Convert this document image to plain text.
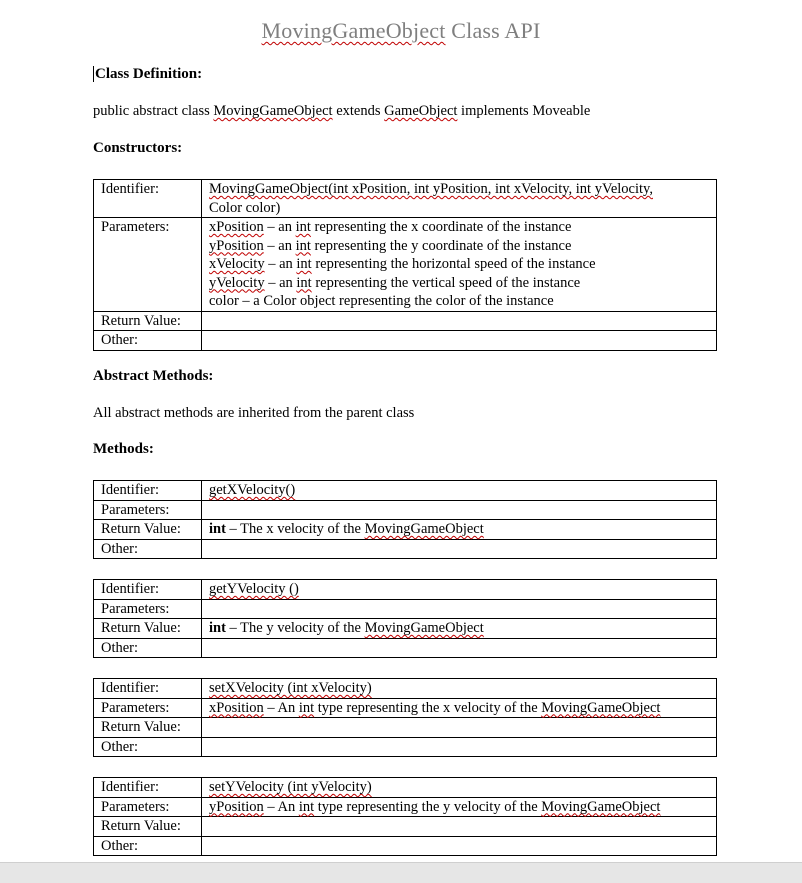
MovingGameObject Class API
Class Definition:
public abstract class MovingGameObject extends GameObject implements Moveable
Constructors:
Identifier:	MovingGameObject(int xPosition, int yPosition, int xVelocity, int yVelocity,
Color color)

Parameters:	xPosition – an int representing the x coordinate of the instance
yPosition – an int representing the y coordinate of the instance
xVelocity – an int representing the horizontal speed of the instance
yVelocity – an int representing the vertical speed of the instance
color – a Color object representing the color of the instance

Return Value:	
Other:	
Abstract Methods:
All abstract methods are inherited from the parent class
Methods:
Identifier:	getXVelocity()
Parameters:	
Return Value:	int – The x velocity of the MovingGameObject
Other:	
Identifier:	getYVelocity ()
Parameters:	
Return Value:	int – The y velocity of the MovingGameObject
Other:	
Identifier:	setXVelocity (int xVelocity)
Parameters:	xPosition – An int type representing the x velocity of the MovingGameObject
Return Value:	
Other:	
Identifier:	setYVelocity (int yVelocity)
Parameters:	yPosition – An int type representing the y velocity of the MovingGameObject
Return Value:	
Other:	
